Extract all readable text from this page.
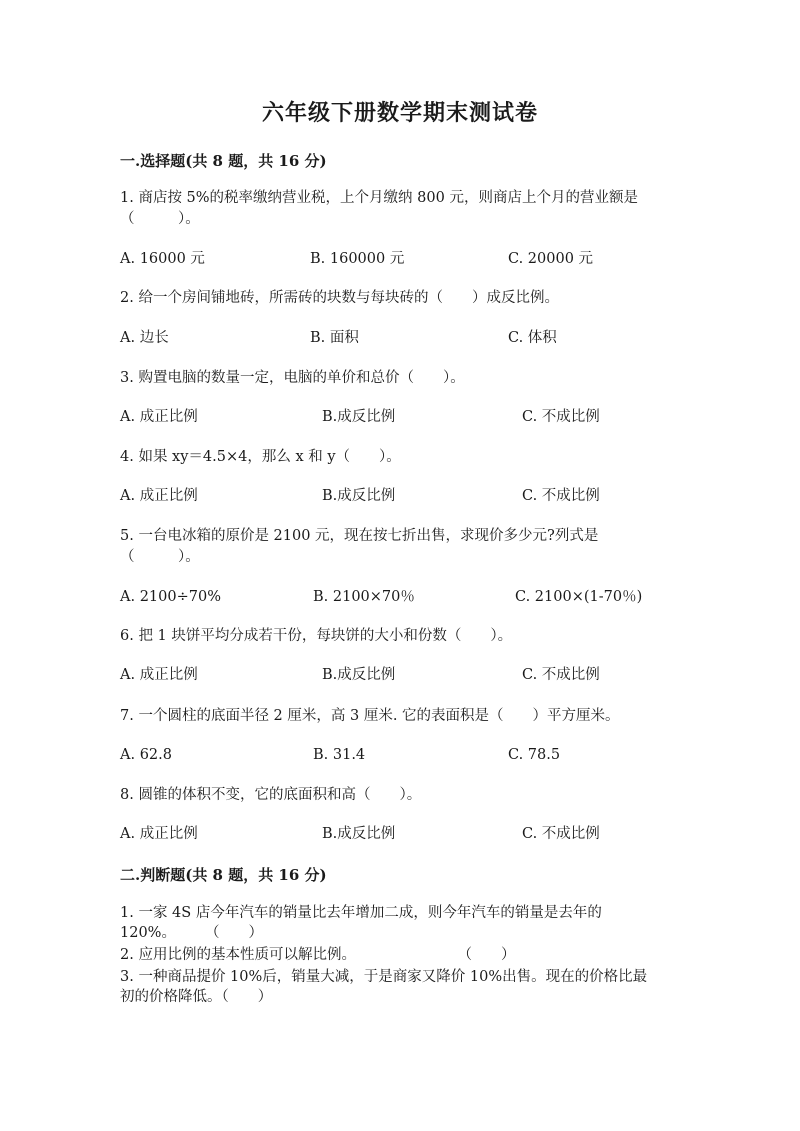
六年级下册数学期末测试卷
一.选择题(共 8 题，共 16 分)
1. 商店按 5%的税率缴纳营业税，上个月缴纳 800 元，则商店上个月的营业额是
（　　　）。
A. 16000 元	B. 160000 元	C. 20000 元
2. 给一个房间铺地砖，所需砖的块数与每块砖的（　　）成反比例。
A. 边长	B. 面积	C. 体积
3. 购置电脑的数量一定，电脑的单价和总价（　　）。
A. 成正比例	B.成反比例	C. 不成比例
4. 如果 xy＝4.5×4，那么 x 和 y（　　）。
A. 成正比例	B.成反比例	C. 不成比例
5. 一台电冰箱的原价是 2100 元，现在按七折出售，求现价多少元?列式是
（　　　）。
A. 2100÷70%	B. 2100×70％	C. 2100×(1-70％)
6. 把 1 块饼平均分成若干份，每块饼的大小和份数（　　）。
A. 成正比例	B.成反比例	C. 不成比例
7. 一个圆柱的底面半径 2 厘米，高 3 厘米. 它的表面积是（　　）平方厘米。
A. 62.8	B. 31.4	C. 78.5
8. 圆锥的体积不变，它的底面积和高（　　）。
A. 成正比例	B.成反比例	C. 不成比例
二.判断题(共 8 题，共 16 分)
1. 一家 4S 店今年汽车的销量比去年增加二成，则今年汽车的销量是去年的
120%。　　　（　　）
2. 应用比例的基本性质可以解比例。　　　　　　　　（　　）
3. 一种商品提价 10%后，销量大减，于是商家又降价 10%出售。现在的价格比最
初的价格降低。（　　）
